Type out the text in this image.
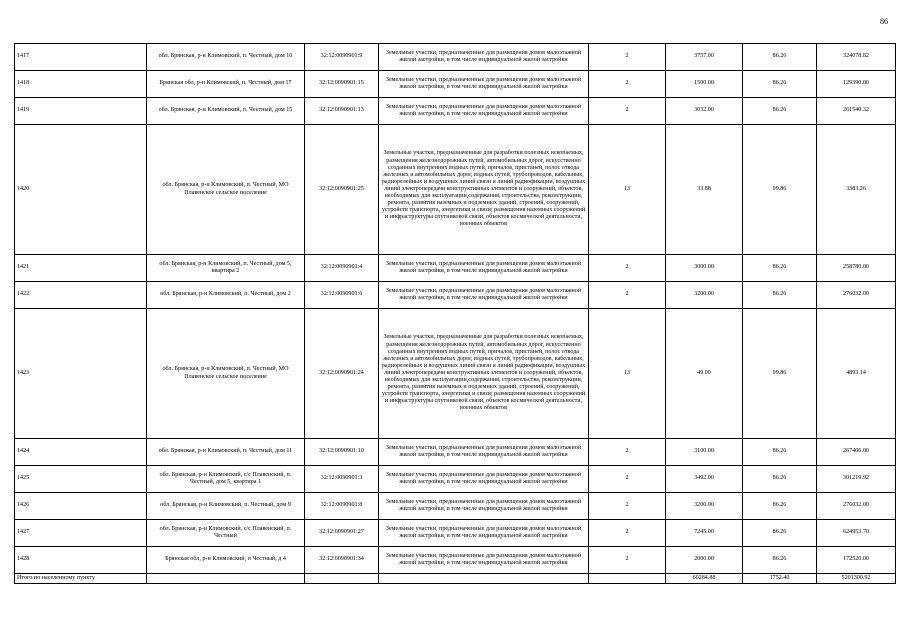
86
1417	обл. Брянская, р-н Климовский, п. Честный, дом 10	32:12:0090901:9	Земельные участки, предназначенные для размещения домов малоэтажной жилой застройки, в том числе индивидуальной жилой застройки	2	3757.00	86.26	324078.82
1418	Брянская обл, р-н Климовский, п. Честный, дом 17	32:12:0090901:15	Земельные участки, предназначенные для размещения домов малоэтажной жилой застройки, в том числе индивидуальной жилой застройки	2	1500.00	86.26	129390.00
1419	обл. Брянская, р-н Климовский, п. Честный, дом 15	32:12:0090901:13	Земельные участки, предназначенные для размещения домов малоэтажной жилой застройки, в том числе индивидуальной жилой застройки	2	3032.00	86.26	261540.32
1420	обл. Брянская, р-н Климовский, п. Честный, МО Плавенское сельское поселение	32:12:0090901:25	Земельные участки, предназначенные для разработки полезных ископаемых, размещения железнодорожных путей, автомобильных дорог, искусственно созданных внутренних водных путей, причалов, пристаней, полос отвода железных и автомобильных дорог, водных путей, трубопроводов, кабельных, радиорелейных и воздушных линий связи и линий радиофикации, воздушных линий электропередачи конструктивных элементов и сооружений, объектов, необходимых для эксплуатации,содержания, строительства, реконструкции, ремонта, развития наземных и подземных зданий, строений, сооружений, устройств транспорта, энергетики и связи; размещения наземных сооружений и инфраструктуры спутниковой связи, объектов космической деятельности, военных объектов	13	33.88	99.86	3383.26
1421	обл. Брянская, р-н Климовский, п. Честный, дом 5, квартира 2	32:12:0090901:4	Земельные участки, предназначенные для размещения домов малоэтажной жилой застройки, в том числе индивидуальной жилой застройки	2	3000.00	86.26	258780.00
1422	обл. Брянская, р-н Климовский, п. Честный, дом 2	32:12:0090901:6	Земельные участки, предназначенные для размещения домов малоэтажной жилой застройки, в том числе индивидуальной жилой застройки	2	3200.00	86.26	276032.00
1423	обл. Брянская, р-н Климовский, п. Честный, МО Плавенское сельское поселение	32:12:0090901:24	Земельные участки, предназначенные для разработки полезных ископаемых, размещения железнодорожных путей, автомобильных дорог, искусственно созданных внутренних водных путей, причалов, пристаней, полос отвода железных и автомобильных дорог, водных путей, трубопроводов, кабельных, радиорелейных и воздушных линий связи и линий радиофикации, воздушных линий электропередачи конструктивных элементов и сооружений, объектов, необходимых для эксплуатации,содержания, строительства, реконструкции, ремонта, развития наземных и подземных зданий, строений, сооружений, устройств транспорта, энергетики и связи; размещения наземных сооружений и инфраструктуры спутниковой связи, объектов космической деятельности, военных объектов	13	49.00	99.86	4893.14
1424	обл. Брянская, р-н Климовский, п. Честный, дом 11	32:12:0090901:10	Земельные участки, предназначенные для размещения домов малоэтажной жилой застройки, в том числе индивидуальной жилой застройки	2	3100.00	86.26	267406.00
1425	обл. Брянская, р-н Климовский, с/с Плавенский, п. Честный, дом 5, квартира 1	32:12:0090901:3	Земельные участки, предназначенные для размещения домов малоэтажной жилой застройки, в том числе индивидуальной жилой застройки	2	3492.00	86.26	301219.92
1426	обл. Брянская, р-н Климовский, п. Честный, дом 9	32:12:0090901:8	Земельные участки, предназначенные для размещения домов малоэтажной жилой застройки, в том числе индивидуальной жилой застройки	2	3200.00	86.26	276032.00
1427	обл. Брянская, р-н Климовский, с/с Плавенский, п. Честный	32:12:0090901:27	Земельные участки, предназначенные для размещения домов малоэтажной жилой застройки, в том числе индивидуальной жилой застройки	2	7245.00	86.26	624953.70
1428	Брянская обл, р-н Климовский, п Честный, д 4	32:12:0090901:34	Земельные участки, предназначенные для размещения домов малоэтажной жилой застройки, в том числе индивидуальной жилой застройки	2	2000.00	86.26	172520.00
Итого по населенному пункту					60284.88	1752.40	5201300.92
